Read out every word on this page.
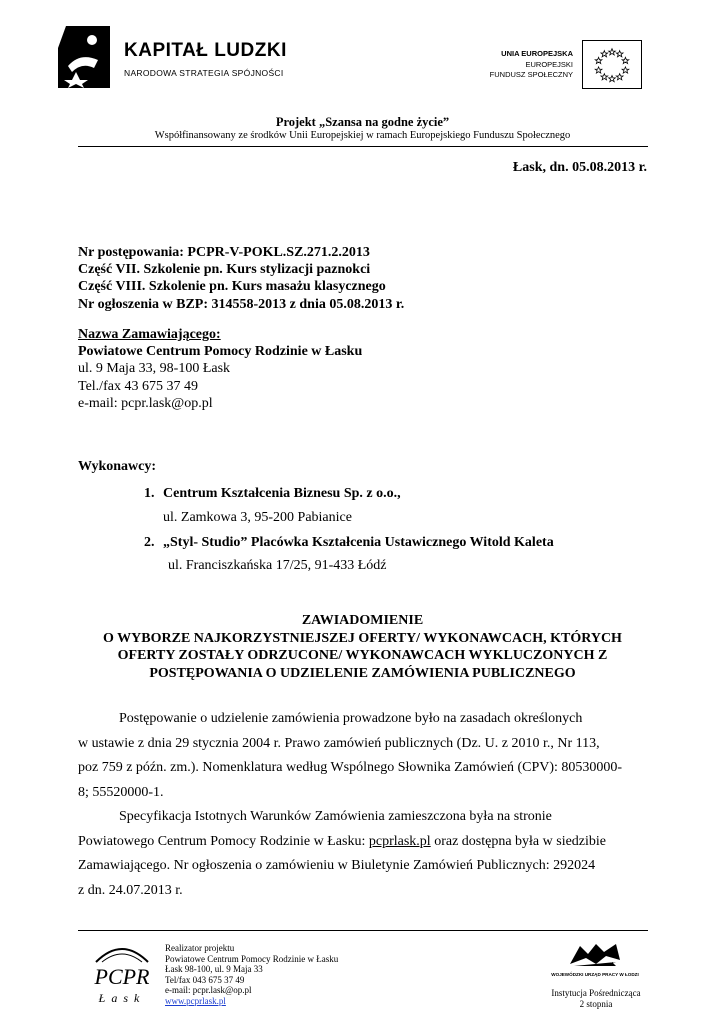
KAPITAŁ LUDZKI
NARODOWA STRATEGIA SPÓJNOŚCI
UNIA EUROPEJSKA
EUROPEJSKI
FUNDUSZ SPOŁECZNY
Projekt „Szansa na godne życie”
Współfinansowany ze środków Unii Europejskiej w ramach Europejskiego Funduszu Społecznego
Łask, dn. 05.08.2013 r.
Nr postępowania: PCPR-V-POKL.SZ.271.2.2013
Część VII. Szkolenie pn. Kurs stylizacji paznokci
Część VIII. Szkolenie pn. Kurs masażu klasycznego
Nr ogłoszenia w BZP: 314558-2013 z dnia 05.08.2013 r.
Nazwa Zamawiającego:
Powiatowe Centrum Pomocy Rodzinie w Łasku
ul. 9 Maja 33, 98-100 Łask
Tel./fax 43 675 37 49
e-mail: pcpr.lask@op.pl
Wykonawcy:
1. Centrum Kształcenia Biznesu Sp. z o.o.,
ul. Zamkowa 3, 95-200 Pabianice
2. „Styl- Studio” Placówka Kształcenia Ustawicznego Witold Kaleta
ul. Franciszkańska 17/25, 91-433 Łódź
ZAWIADOMIENIE
O WYBORZE NAJKORZYSTNIEJSZEJ OFERTY/ WYKONAWCACH, KTÓRYCH
OFERTY ZOSTAŁY ODRZUCONE/ WYKONAWCACH WYKLUCZONYCH Z
POSTĘPOWANIA O UDZIELENIE ZAMÓWIENIA PUBLICZNEGO

Postępowanie o udzielenie zamówienia prowadzone było na zasadach określonych

w ustawie z dnia 29 stycznia 2004 r. Prawo zamówień publicznych (Dz. U. z 2010 r., Nr 113,

poz 759 z późn. zm.). Nomenklatura według Wspólnego Słownika Zamówień (CPV): 80530000-

8; 55520000-1.

Specyfikacja Istotnych Warunków Zamówienia zamieszczona była na stronie

Powiatowego Centrum Pomocy Rodzinie w Łasku: pcprlask.pl oraz dostępna była w siedzibie

Zamawiającego. Nr ogłoszenia o zamówieniu w Biuletynie Zamówień Publicznych: 292024

z dn. 24.07.2013 r.

PCPR
Łask
Realizator projektu
Powiatowe Centrum Pomocy Rodzinie w Łasku
Łask 98-100, ul. 9 Maja 33
Tel/fax 043 675 37 49
e-mail: pcpr.lask@op.pl
www.pcprlask.pl
WOJEWÓDZKI URZĄD PRACY W ŁODZI
Instytucja Pośrednicząca
2 stopnia
